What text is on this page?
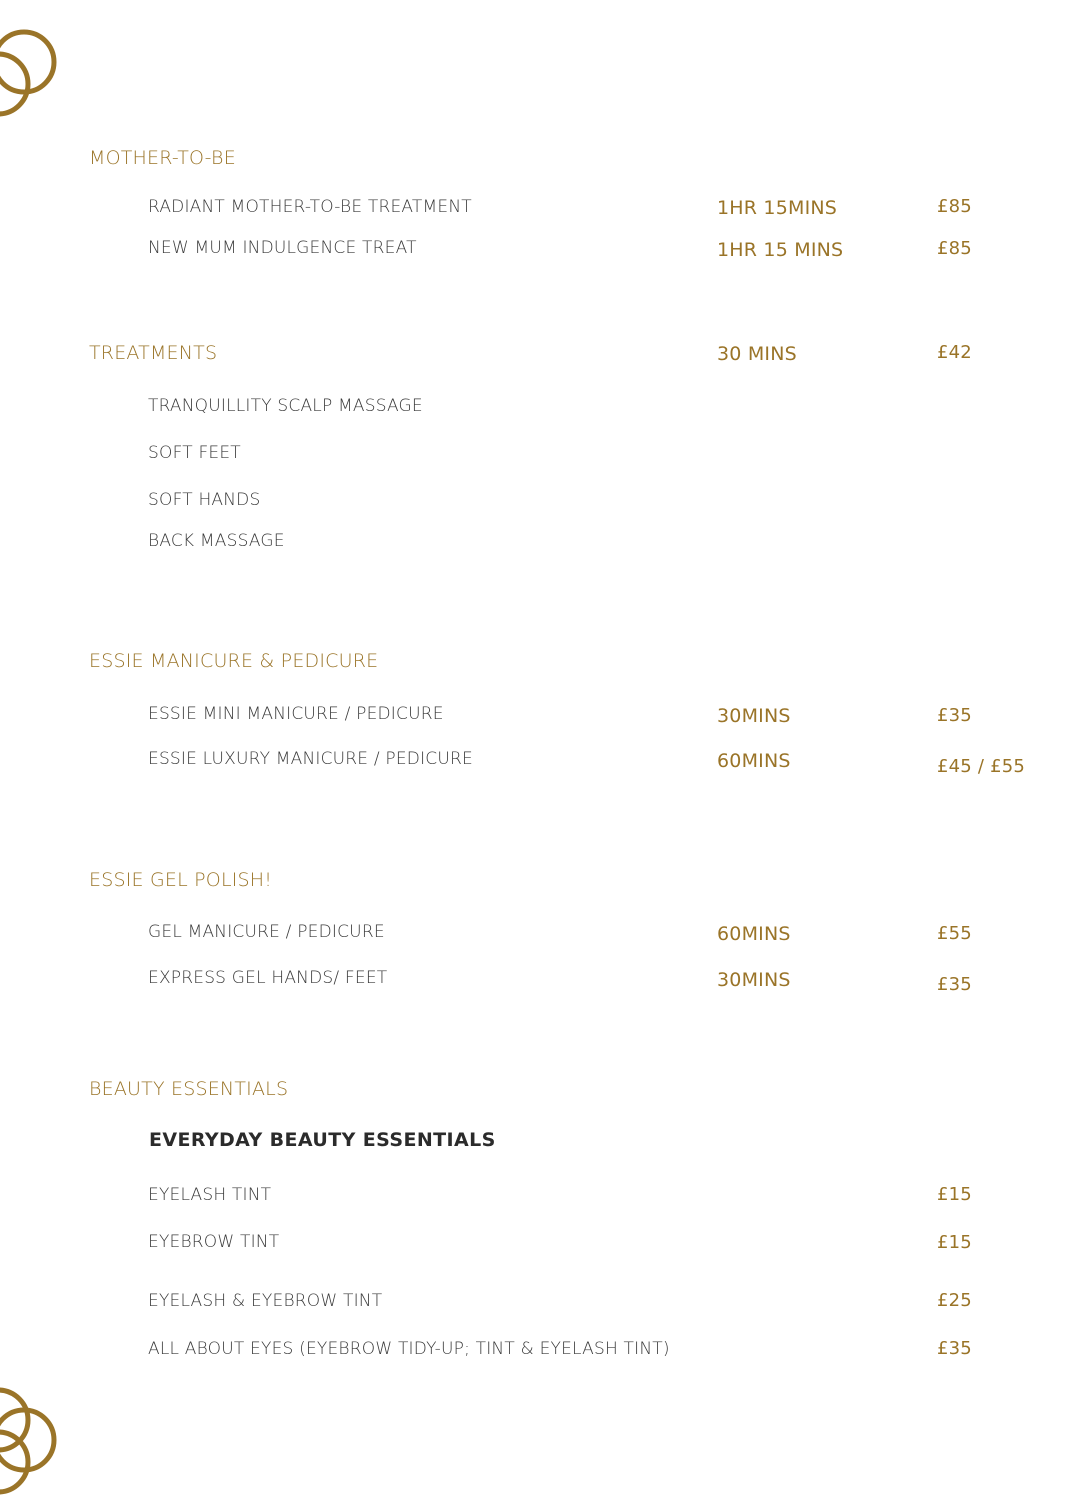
MOTHER-TO-BE
RADIANT MOTHER-TO-BE TREATMENT	1HR 15MINS	£85
NEW MUM INDULGENCE TREAT	1HR 15 MINS	£85
TREATMENTS	30 MINS	£42
TRANQUILLITY SCALP MASSAGE
SOFT FEET
SOFT HANDS
BACK MASSAGE
ESSIE MANICURE & PEDICURE
ESSIE MINI MANICURE / PEDICURE	30MINS	£35
ESSIE LUXURY MANICURE / PEDICURE	60MINS	£45 / £55
ESSIE GEL POLISH!
GEL MANICURE / PEDICURE	60MINS	£55
EXPRESS GEL HANDS/ FEET	30MINS	£35
BEAUTY ESSENTIALS
EVERYDAY BEAUTY ESSENTIALS
EYELASH TINT	£15
EYEBROW TINT	£15
EYELASH & EYEBROW TINT	£25
ALL ABOUT EYES (EYEBROW TIDY-UP; TINT & EYELASH TINT)	£35
